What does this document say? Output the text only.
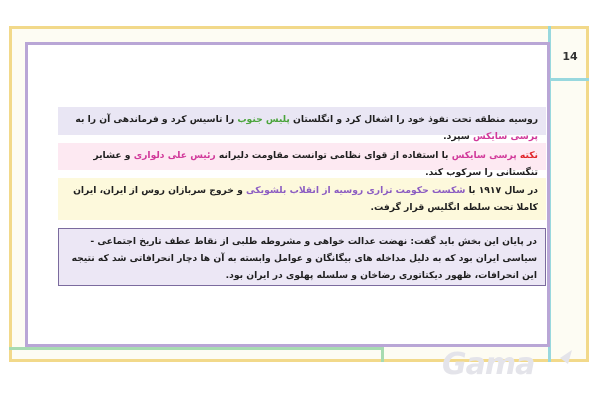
14
روسیه منطقه تحت نفوذ خود را اشغال کرد و انگلستان پلیس جنوب را تاسیس کرد و فرماندهی آن را به پرسی سایکس سپرد.
نکته پرسی سایکس با استفاده از قوای نظامی توانست مقاومت دلیرانه رئیس علی دلواری و عشایر تنگستانی را سرکوب کند.
در سال ۱۹۱۷ با شکست حکومت تزاری روسیه از انقلاب بلشویکی و خروج سربازان روس از ایران، ایران کاملا تحت سلطه انگلیس قرار گرفت.
در پایان این بخش باید گفت: نهضت عدالت خواهی و مشروطه طلبی از نقاط عطف تاریخ اجتماعی - سیاسی ایران بود که به دلیل مداخله های بیگانگان و عوامل وابسته به آن ها دچار انحرافاتی شد که نتیجه این انحرافات، ظهور دیکتاتوری رضاخان و سلسله پهلوی در ایران بود.
Gama
